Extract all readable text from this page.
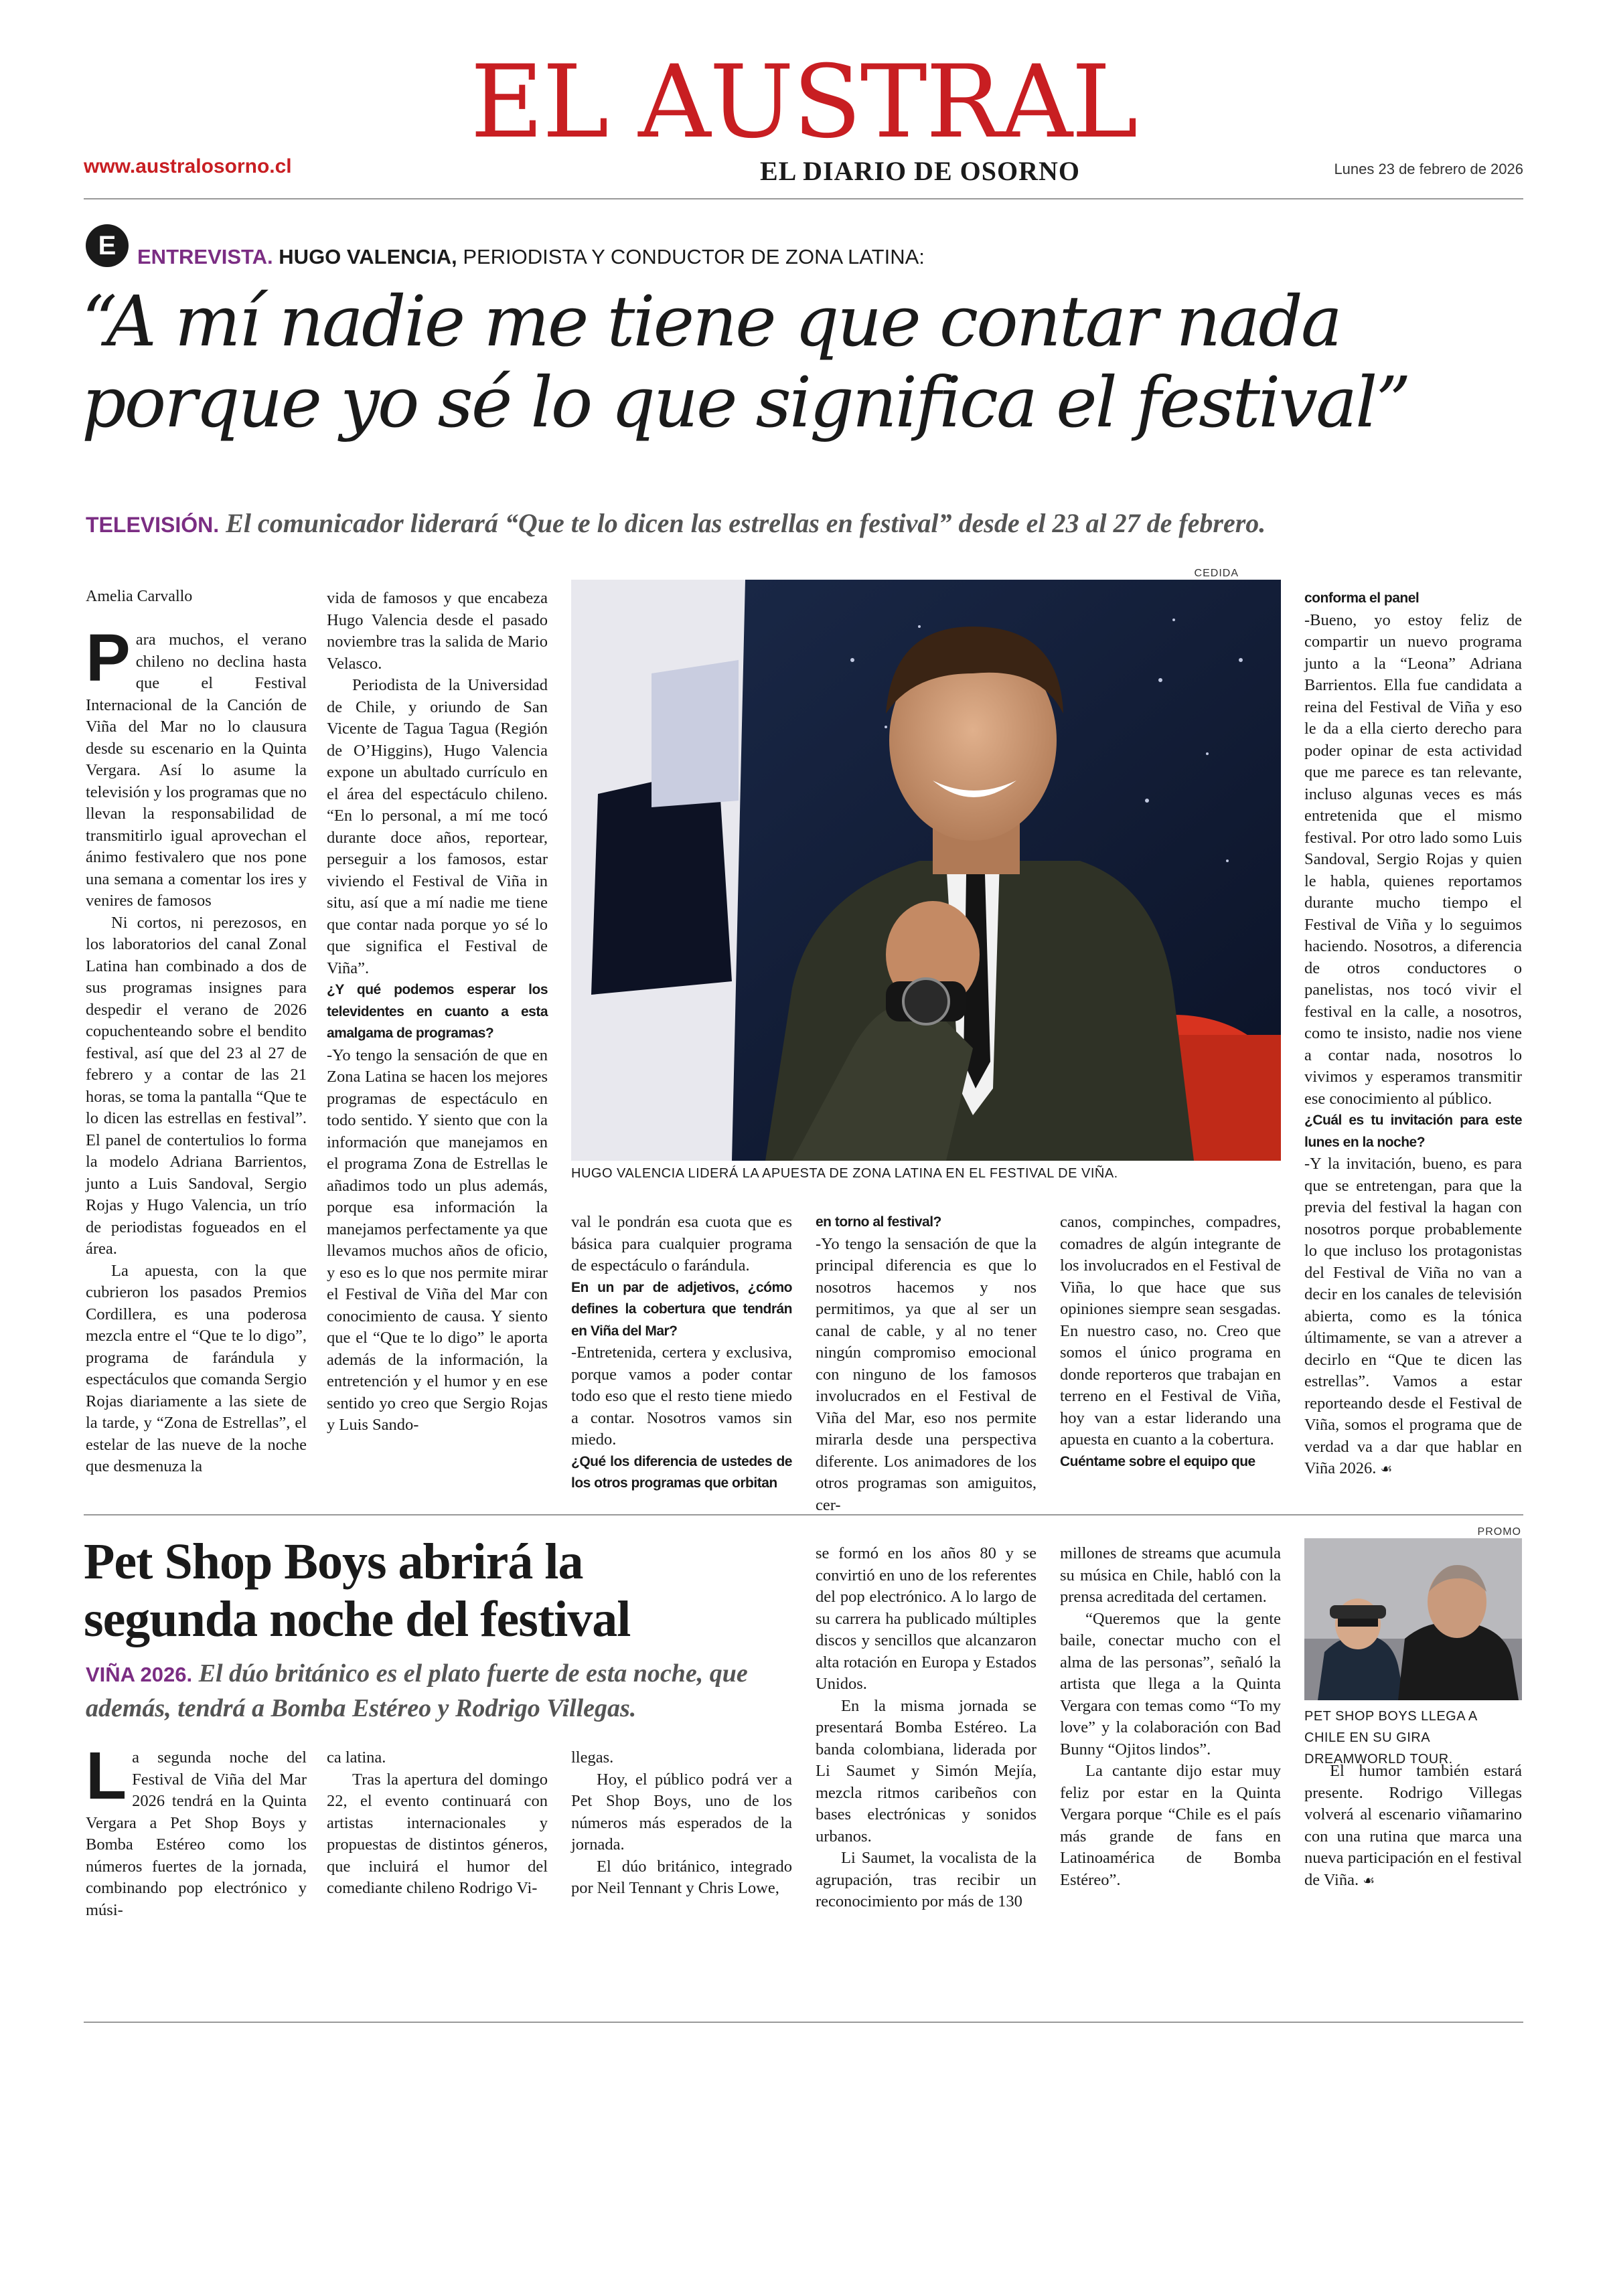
EL AUSTRAL
www.australosorno.cl	EL DIARIO DE OSORNO	Lunes 23 de febrero de 2026
E	ENTREVISTA. HUGO VALENCIA, PERIODISTA Y CONDUCTOR DE ZONA LATINA:
“A mí nadie me tiene que contar nada
porque yo sé lo que significa el festival”
TELEVISIÓN. El comunicador liderará “Que te lo dicen las estrellas en festival” desde el 23 al 27 de febrero.
CEDIDA
Amelia Carvallo
P ara muchos, el verano chileno no declina hasta que el Festival Internacional de la Canción de Viña del Mar no lo clausura desde su escenario en la Quinta Vergara. Así lo asume la televisión y los programas que no llevan la responsabilidad de transmitirlo igual aprovechan el ánimo festivalero que nos pone una semana a comentar los ires y venires de famosos

Ni cortos, ni perezosos, en los laboratorios del canal Zonal Latina han combinado a dos de sus programas insignes para despedir el verano de 2026 copuchenteando sobre el bendito festival, así que del 23 al 27 de febrero y a contar de las 21 horas, se toma la pantalla “Que te lo dicen las estrellas en festival”. El panel de contertulios lo forma la modelo Adriana Barrientos, junto a Luis Sandoval, Sergio Rojas y Hugo Valencia, un trío de periodistas fogueados en el área.

La apuesta, con la que cubrieron los pasados Premios Cordillera, es una poderosa mezcla entre el “Que te lo digo”, programa de farándula y espectáculos que comanda Sergio Rojas diariamente a las siete de la tarde, y “Zona de Estrellas”, el estelar de las nueve de la noche que desmenuza la

vida de famosos y que encabeza Hugo Valencia desde el pasado noviembre tras la salida de Mario Velasco.

Periodista de la Universidad de Chile, y oriundo de San Vicente de Tagua Tagua (Región de O’Higgins), Hugo Valencia expone un abultado currículo en el área del espectáculo chileno. “En lo personal, a mí me tocó durante doce años, reportear, perseguir a los famosos, estar viviendo el Festival de Viña in situ, así que a mí nadie me tiene que contar nada porque yo sé lo que significa el Festival de Viña”.

¿Y qué podemos esperar los televidentes en cuanto a esta amalgama de programas?

-Yo tengo la sensación de que en Zona Latina se hacen los mejores programas de espectáculo en todo sentido. Y siento que con la información que manejamos en el programa Zona de Estrellas le añadimos todo un plus además, porque esa información la manejamos perfectamente ya que llevamos muchos años de oficio, y eso es lo que nos permite mirar el Festival de Viña del Mar con conocimiento de causa. Y siento que el “Que te lo digo” le aporta además de la información, la entretención y el humor y en ese sentido yo creo que Sergio Rojas y Luis Sando-

HUGO VALENCIA LIDERÁ LA APUESTA DE ZONA LATINA EN EL FESTIVAL DE VIÑA.

val le pondrán esa cuota que es básica para cualquier programa de espectáculo o farándula.

En un par de adjetivos, ¿cómo defines la cobertura que tendrán en Viña del Mar?

-Entretenida, certera y exclusiva, porque vamos a poder contar todo eso que el resto tiene miedo a contar. Nosotros vamos sin miedo.

¿Qué los diferencia de ustedes de los otros programas que orbitan
en torno al festival?

-Yo tengo la sensación de que la principal diferencia es que lo nosotros hacemos y nos permitimos, ya que al ser un canal de cable, y al no tener ningún compromiso emocional con ninguno de los famosos involucrados en el Festival de Viña del Mar, eso nos permite mirarla desde una perspectiva diferente. Los animadores de los otros programas son amiguitos, cer-

canos, compinches, compadres, comadres de algún integrante de los involucrados en el Festival de Viña, lo que hace que sus opiniones siempre sean sesgadas. En nuestro caso, no. Creo que somos el único programa en donde reporteros que trabajan en terreno en el Festival de Viña, hoy van a estar liderando una apuesta en cuanto a la cobertura.

Cuéntame sobre el equipo que
conforma el panel

-Bueno, yo estoy feliz de compartir un nuevo programa junto a la “Leona” Adriana Barrientos. Ella fue candidata a reina del Festival de Viña y eso le da a ella cierto derecho para poder opinar de esta actividad que me parece es tan relevante, incluso algunas veces es más entretenida que el mismo festival. Por otro lado somo Luis Sandoval, Sergio Rojas y quien le habla, quienes reportamos durante mucho tiempo el Festival de Viña y lo seguimos haciendo. Nosotros, a diferencia de otros conductores o panelistas, nos tocó vivir el festival en la calle, a nosotros, como te insisto, nadie nos viene a contar nada, nosotros lo vivimos y esperamos transmitir ese conocimiento al público.

¿Cuál es tu invitación para este lunes en la noche?

-Y la invitación, bueno, es para que se entretengan, para que la previa del festival la hagan con nosotros porque probablemente lo que incluso los protagonistas del Festival de Viña no van a decir en los canales de televisión abierta, como es la tónica últimamente, se van a atrever a decirlo en “Que te dicen las estrellas”. Vamos a estar reporteando desde el Festival de Viña, somos el programa que de verdad va a dar que hablar en Viña 2026. ☙

Pet Shop Boys abrirá la
segunda noche del festival
VIÑA 2026. El dúo británico es el plato fuerte de esta noche, que además, tendrá a Bomba Estéreo y Rodrigo Villegas.
L a segunda noche del Festival de Viña del Mar 2026 tendrá en la Quinta Vergara a Pet Shop Boys y Bomba Estéreo como los números fuertes de la jornada, combinando pop electrónico y músi-

ca latina.

Tras la apertura del domingo 22, el evento continuará con artistas internacionales y propuestas de distintos géneros, que incluirá el humor del comediante chileno Rodrigo Vi-

llegas.

Hoy, el público podrá ver a Pet Shop Boys, uno de los números más esperados de la jornada.

El dúo británico, integrado por Neil Tennant y Chris Lowe,

se formó en los años 80 y se convirtió en uno de los referentes del pop electrónico. A lo largo de su carrera ha publicado múltiples discos y sencillos que alcanzaron alta rotación en Europa y Estados Unidos.

En la misma jornada se presentará Bomba Estéreo. La banda colombiana, liderada por Li Saumet y Simón Mejía, mezcla ritmos caribeños con bases electrónicas y sonidos urbanos.

Li Saumet, la vocalista de la agrupación, tras recibir un reconocimiento por más de 130

millones de streams que acumula su música en Chile, habló con la prensa acreditada del certamen.

“Queremos que la gente baile, conectar mucho con el alma de las personas”, señaló la artista que llega a la Quinta Vergara con temas como “To my love” y la colaboración con Bad Bunny “Ojitos lindos”.

La cantante dijo estar muy feliz por estar en la Quinta Vergara porque “Chile es el país más grande de fans en Latinoamérica de Bomba Estéreo”.

PROMO
PET SHOP BOYS LLEGA A CHILE EN SU GIRA DREAMWORLD TOUR.

El humor también estará presente. Rodrigo Villegas volverá al escenario viñamarino con una rutina que marca una nueva participación en el festival de Viña. ☙
